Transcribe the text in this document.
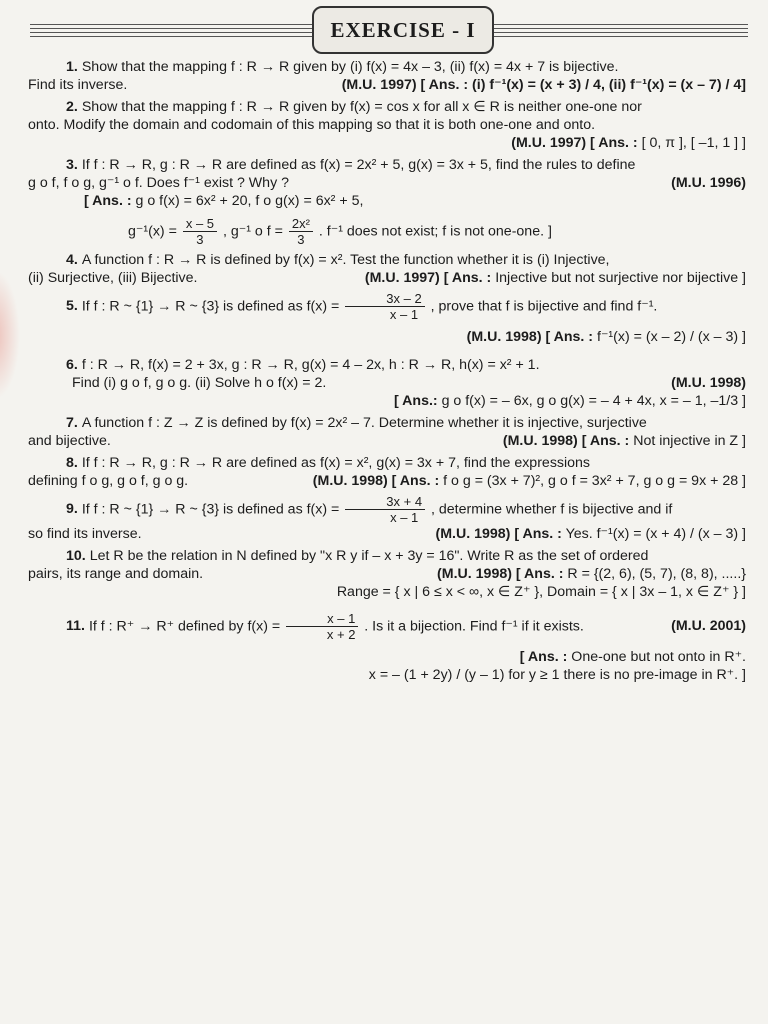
EXERCISE - I
1. Show that the mapping f : R → R given by (i) f(x) = 4x – 3, (ii) f(x) = 4x + 7 is bijective.
Find its inverse.	(M.U. 1997) [ Ans. : (i) f⁻¹(x) = (x + 3) / 4, (ii) f⁻¹(x) = (x – 7) / 4]
2. Show that the mapping f : R → R given by f(x) = cos x for all x ∈ R is neither one-one nor
onto. Modify the domain and codomain of this mapping so that it is both one-one and onto.
(M.U. 1997) [ Ans. : [ 0, π ], [ –1, 1 ] ]
3. If f : R → R, g : R → R are defined as f(x) = 2x² + 5, g(x) = 3x + 5, find the rules to define
g o f, f o g, g⁻¹ o f. Does f⁻¹ exist ? Why ?	(M.U. 1996)
[ Ans. : g o f(x) = 6x² + 20, f o g(x) = 6x² + 5,
$g^{-1}(x) = \frac{x - 5}{3}$ , g⁻¹ o $f = \frac{\text{2x²}}{3}$ . f⁻¹ does not exist; f is not one-one. ]
4. A function f : R → R is defined by f(x) = x². Test the function whether it is (i) Injective,
(ii) Surjective, (iii) Bijective.	(M.U. 1997) [ Ans. : Injective but not surjective nor bijective ]
5. If f : R ~ {1} → R ~ {3} is defined as $f(x) = \frac{3x - 2}{x - 1}$ , prove that f is bijective and find f⁻¹.
(M.U. 1998) [ Ans. : f⁻¹(x) = (x – 2) / (x – 3) ]
6. f : R → R, f(x) = 2 + 3x, g : R → R, g(x) = 4 – 2x, h : R → R, h(x) = x² + 1.
Find (i) g o f, g o g. (ii) Solve h o f(x) = 2.	(M.U. 1998)
[ Ans.: g o f(x) = – 6x, g o g(x) = – 4 + 4x, x = – 1, –1/3 ]
7. A function f : Z → Z is defined by f(x) = 2x² – 7. Determine whether it is injective, surjective
and bijective.	(M.U. 1998) [ Ans. : Not injective in Z ]
8. If f : R → R, g : R → R are defined as f(x) = x², g(x) = 3x + 7, find the expressions
defining f o g, g o f, g o g.	(M.U. 1998) [ Ans. : f o g = (3x + 7)², g o f = 3x² + 7, g o g = 9x + 28 ]
9. If f : R ~ {1} → R ~ {3} is defined as $f(x) = \frac{3x + 4}{x - 1}$ , determine whether f is bijective and if
so find its inverse.	(M.U. 1998) [ Ans. : Yes. f⁻¹(x) = (x + 4) / (x – 3) ]
10. Let R be the relation in N defined by "x R y if – x + 3y = 16". Write R as the set of ordered
pairs, its range and domain.	(M.U. 1998) [ Ans. : R = {(2, 6), (5, 7), (8, 8), .....}
Range = { x | 6 ≤ x < ∞, x ∈ Z⁺ }, Domain = { x | 3x – 1, x ∈ Z⁺ } ]
11. If f : R⁺ → R⁺ defined by $f(x) = \frac{x - 1}{x + 2}$ . Is it a bijection. Find f⁻¹ if it exists.	(M.U. 2001)
[ Ans. : One-one but not onto in R⁺.
x = – (1 + 2y) / (y – 1) for y ≥ 1 there is no pre-image in R⁺. ]
